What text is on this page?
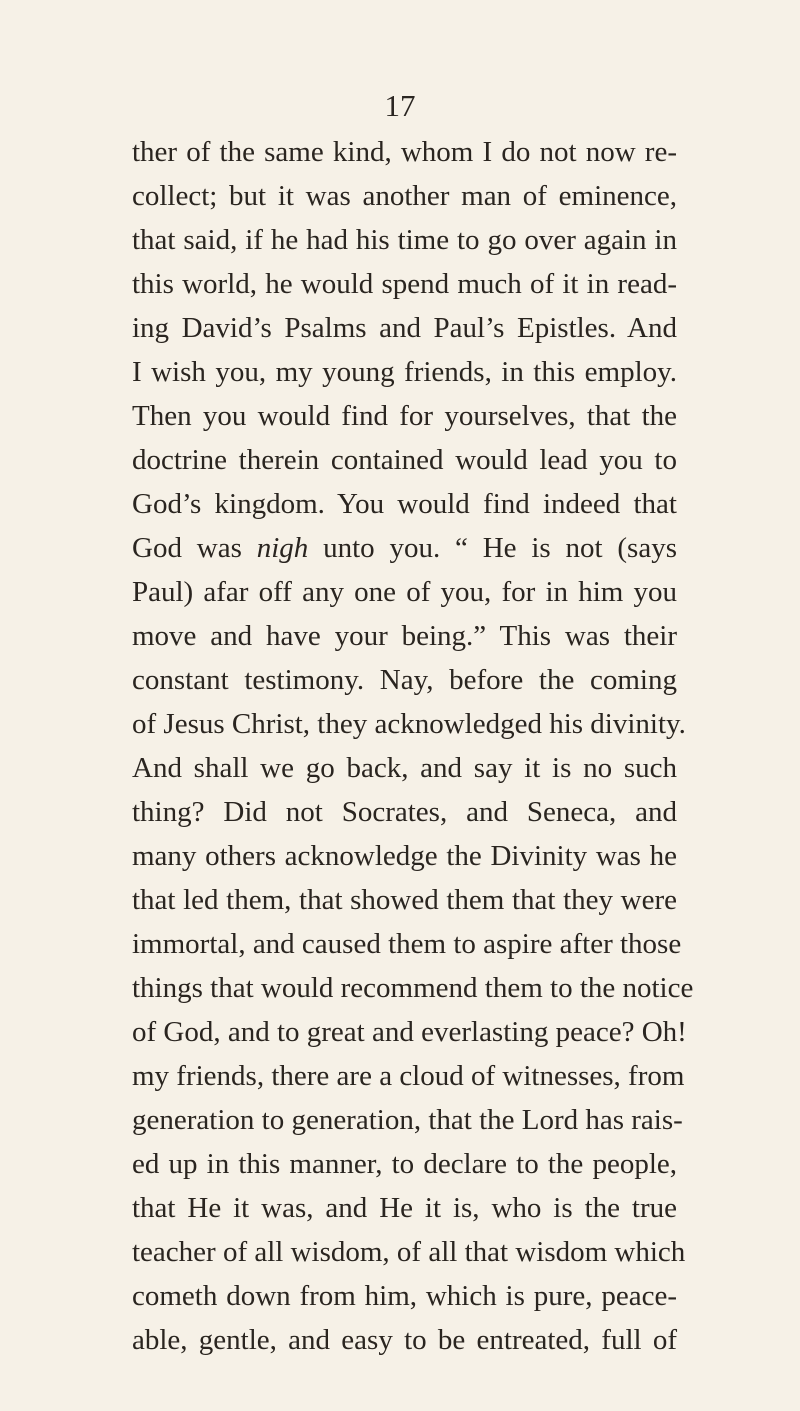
17
ther of the same kind, whom I do not now re-
collect; but it was another man of eminence,
that said, if he had his time to go over again in
this world, he would spend much of it in read-
ing David’s Psalms and Paul’s Epistles. And
I wish you, my young friends, in this employ.
Then you would find for yourselves, that the
doctrine therein contained would lead you to
God’s kingdom. You would find indeed that
God was nigh unto you. “ He is not (says
Paul) afar off any one of you, for in him you
move and have your being.” This was their
constant testimony. Nay, before the coming
of Jesus Christ, they acknowledged his divinity.
And shall we go back, and say it is no such
thing? Did not Socrates, and Seneca, and
many others acknowledge the Divinity was he
that led them, that showed them that they were
immortal, and caused them to aspire after those
things that would recommend them to the notice
of God, and to great and everlasting peace? Oh!
my friends, there are a cloud of witnesses, from
generation to generation, that the Lord has rais-
ed up in this manner, to declare to the people,
that He it was, and He it is, who is the true
teacher of all wisdom, of all that wisdom which
cometh down from him, which is pure, peace-
able, gentle, and easy to be entreated, full of
